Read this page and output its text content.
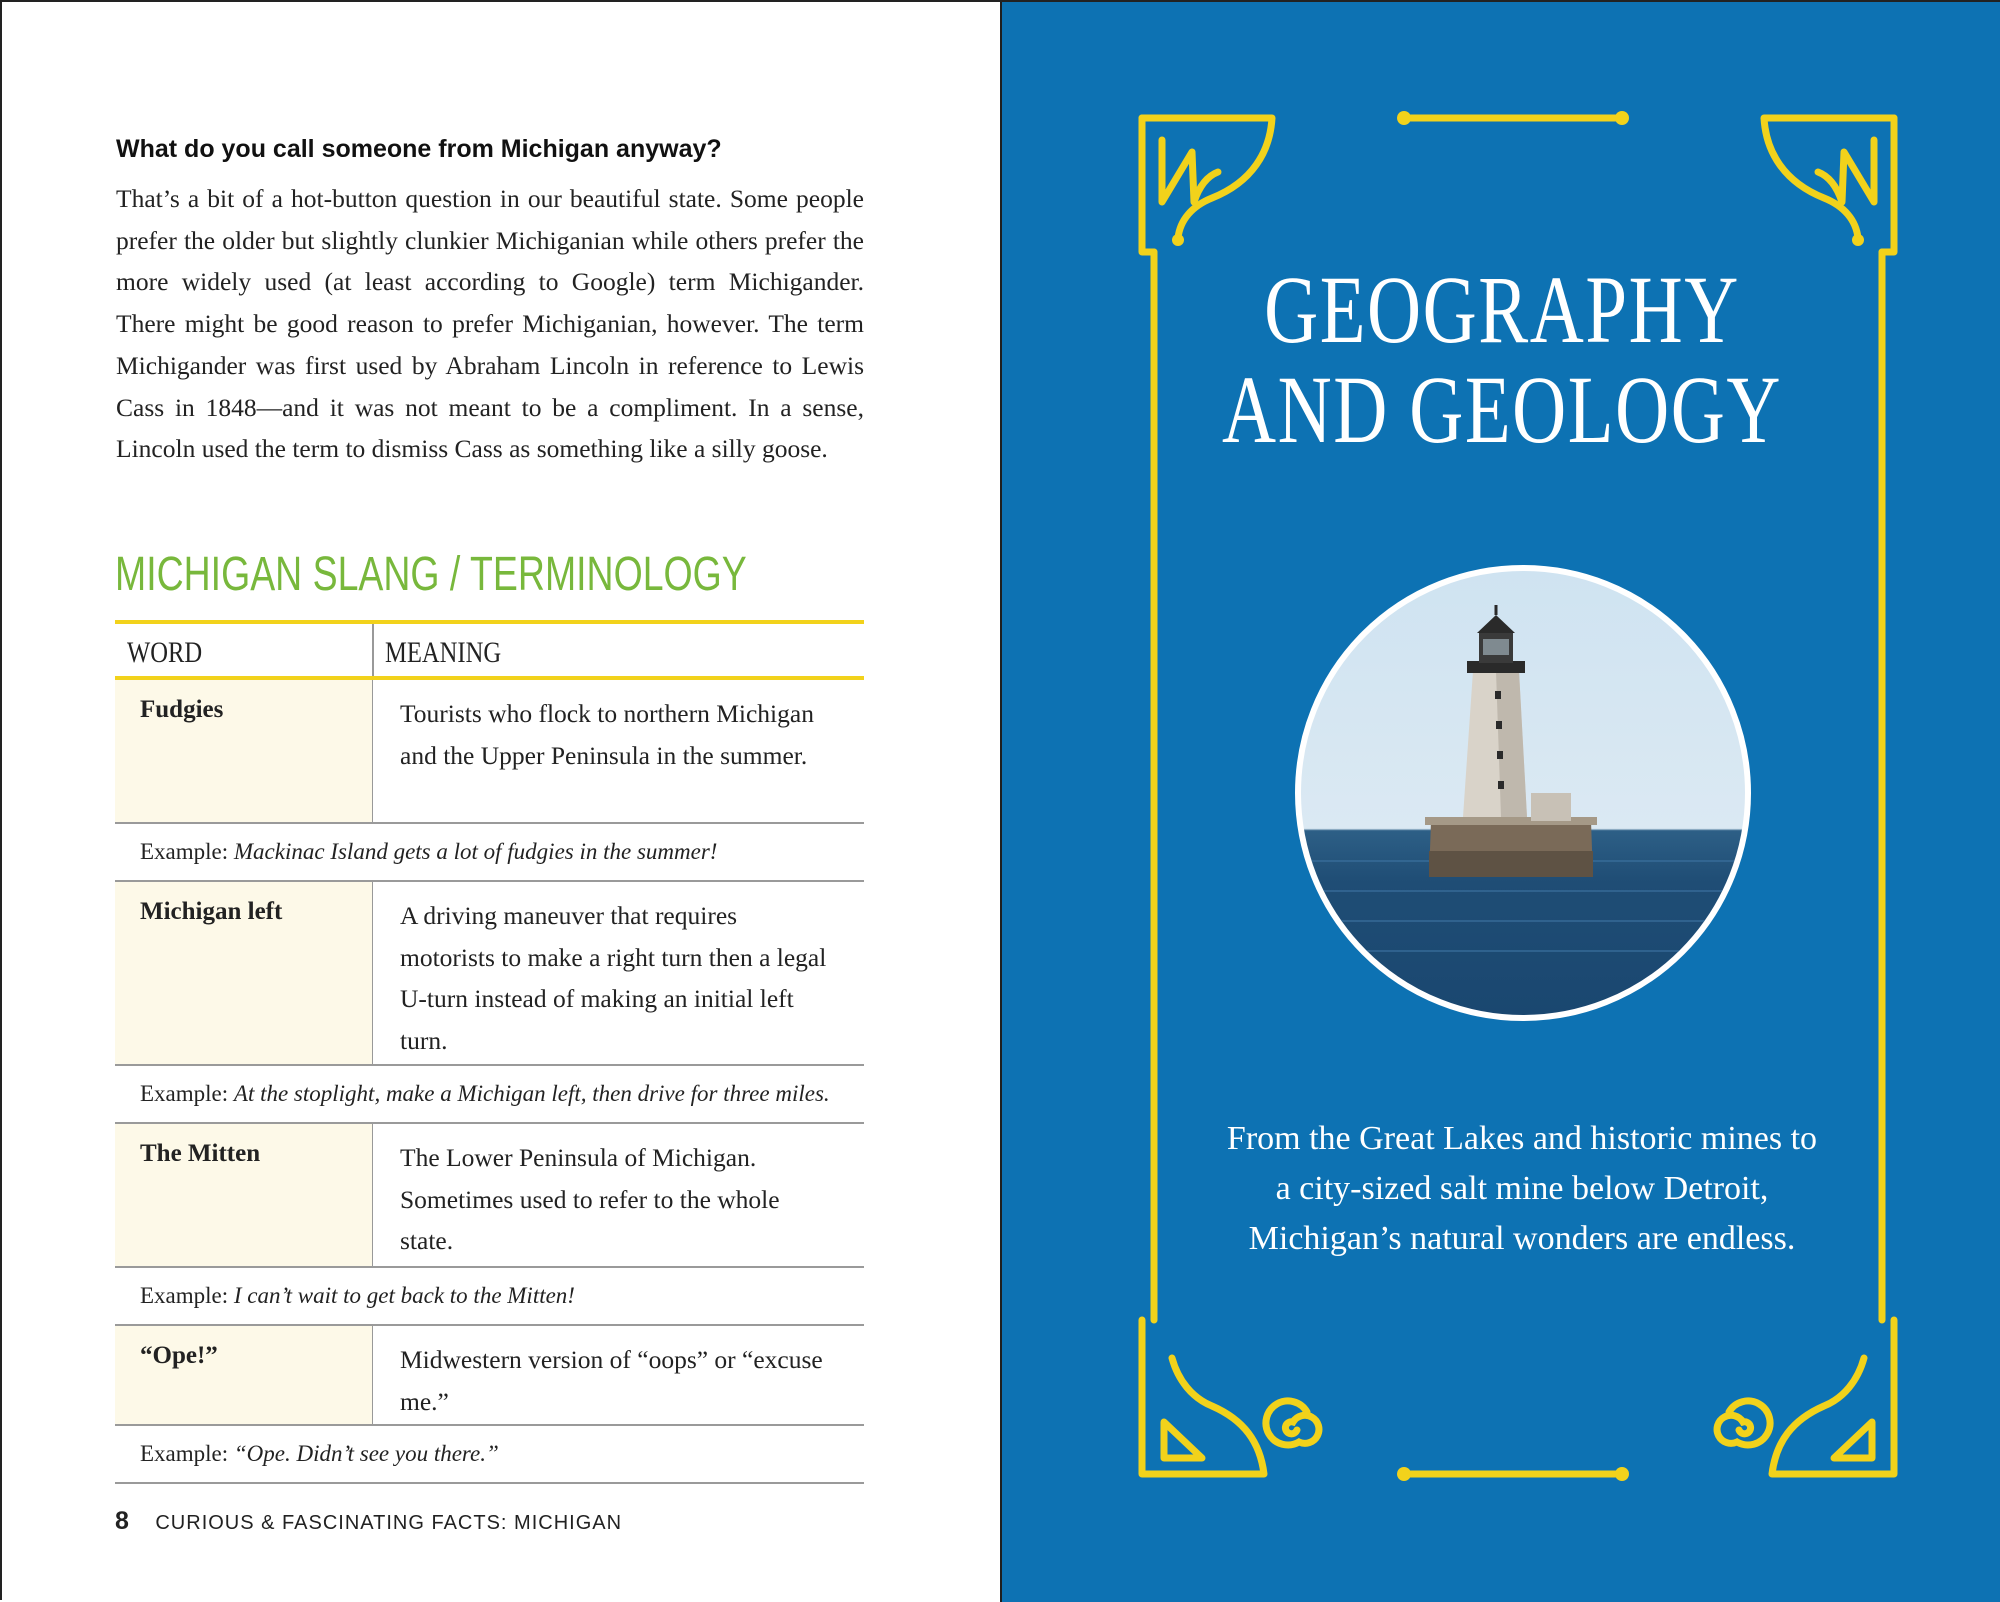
What do you call someone from Michigan anyway?

That’s a bit of a hot-button question in our beautiful state. Some people prefer the older but slightly clunkier Michiganian while others prefer the more widely used (at least according to Google) term Michigander. There might be good reason to prefer Michiganian, however. The term Michigander was first used by Abraham Lincoln in reference to Lewis Cass in 1848—and it was not meant to be a compliment. In a sense, Lincoln used the term to dismiss Cass as something like a silly goose.

MICHIGAN SLANG / TERMINOLOGY
WORD	MEANING
Fudgies	Tourists who flock to northern Michigan and the Upper Peninsula in the summer.
Example: Mackinac Island gets a lot of fudgies in the summer!
Michigan left	A driving maneuver that requires motorists to make a right turn then a legal U-turn instead of making an initial left turn.
Example: At the stoplight, make a Michigan left, then drive for three miles.
The Mitten	The Lower Peninsula of Michigan. Sometimes used to refer to the whole state.
Example: I can’t wait to get back to the Mitten!
“Ope!”	Midwestern version of “oops” or “excuse me.”
Example: “Ope. Didn’t see you there.”
8 CURIOUS & FASCINATING FACTS: MICHIGAN
GEOGRAPHY
AND GEOLOGY
From the Great Lakes and historic mines to a city-sized salt mine below Detroit, Michigan’s natural wonders are endless.
